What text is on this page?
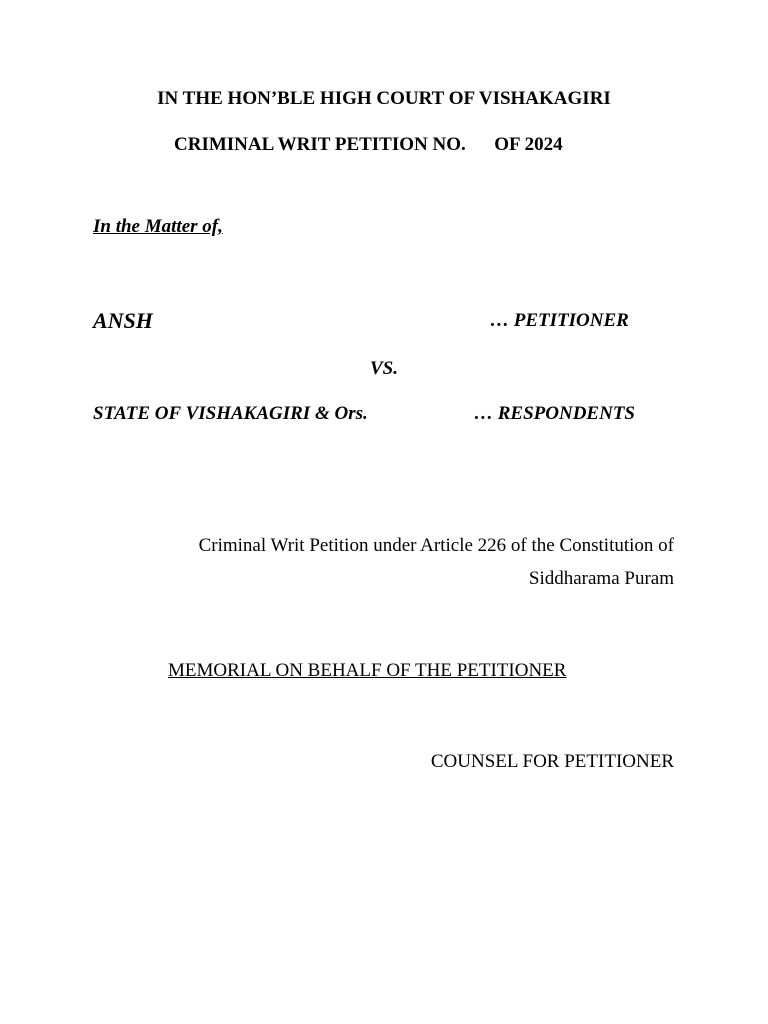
IN THE HON’BLE HIGH COURT OF VISHAKAGIRI
CRIMINAL WRIT PETITION NO.      OF 2024
In the Matter of,
ANSH	… PETITIONER
VS.
STATE OF VISHAKAGIRI & Ors.	… RESPONDENTS
Criminal Writ Petition under Article 226 of the Constitution of
Siddharama Puram
MEMORIAL ON BEHALF OF THE PETITIONER
COUNSEL FOR PETITIONER
